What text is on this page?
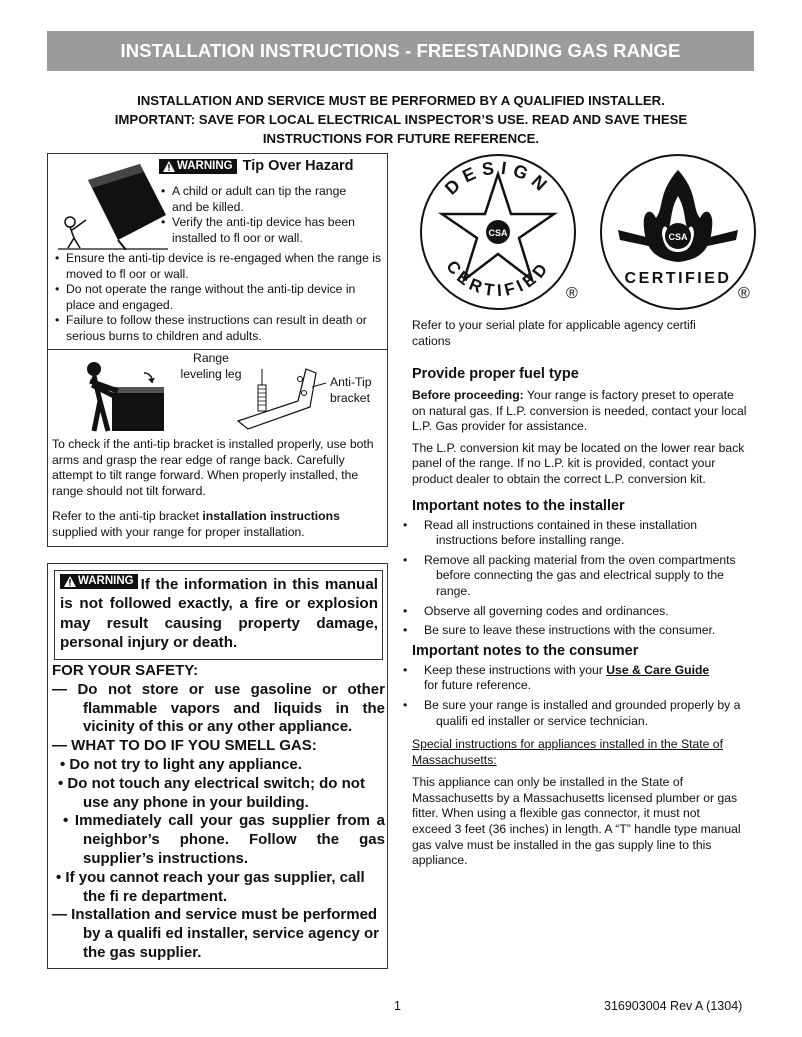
INSTALLATION INSTRUCTIONS - FREESTANDING GAS RANGE
INSTALLATION AND SERVICE MUST BE PERFORMED BY A QUALIFIED INSTALLER.
IMPORTANT: SAVE FOR LOCAL ELECTRICAL INSPECTOR’S USE. READ AND SAVE THESE
INSTRUCTIONS FOR FUTURE REFERENCE.
WARNING Tip Over Hazard
• A child or adult can tip the range
and be killed.
• Verify the anti-tip device has been
installed to fl oor or wall.
• Ensure the anti-tip device is re-engaged when the range is moved to fl oor or wall.
• Do not operate the range without the anti-tip device in place and engaged.
• Failure to follow these instructions can result in death or serious burns to children and adults.
Range
leveling leg
Anti-Tip
bracket
To check if the anti-tip bracket is installed properly, use both arms and grasp the rear edge of range back. Carefully attempt to tilt range forward. When properly installed, the range should not tilt forward.
Refer to the anti-tip bracket installation instructions
supplied with your range for proper installation.
WARNING If the information in this manual is not followed exactly, a fire or explosion may result causing property damage, personal injury or death.
FOR YOUR SAFETY:
— Do not store or use gasoline or other flammable vapors and liquids in the vicinity of this or any other appliance.
— WHAT TO DO IF YOU SMELL GAS:
• Do not try to light any appliance.
• Do not touch any electrical switch; do not use any phone in your building.
• Immediately call your gas supplier from a neighbor’s phone. Follow the gas supplier’s instructions.
• If you cannot reach your gas supplier, call the fi re department.
— Installation and service must be performed by a qualifi ed installer, service agency or the gas supplier.
DESIGN
CERTIFIED
CSA
®
CSA
CERTIFIED
®
Refer to your serial plate for applicable agency certifi cations
Provide proper fuel type
Before proceeding: Your range is factory preset to operate on natural gas. If L.P. conversion is needed, contact your local L.P. Gas provider for assistance.
The L.P. conversion kit may be located on the lower rear back panel of the range. If no L.P. kit is provided, contact your product dealer to obtain the correct L.P. conversion kit.
Important notes to the installer
• Read all instructions contained in these installation instructions before installing range.
• Remove all packing material from the oven compartments before connecting the gas and electrical supply to the range.
• Observe all governing codes and ordinances.
• Be sure to leave these instructions with the consumer.
Important notes to the consumer
• Keep these instructions with your Use & Care Guide
for future reference.
• Be sure your range is installed and grounded properly by a qualifi ed installer or service technician.
Special instructions for appliances installed in the State of Massachusetts:
This appliance can only be installed in the State of Massachusetts by a Massachusetts licensed plumber or gas fitter. When using a flexible gas connector, it must not exceed 3 feet (36 inches) in length. A “T” handle type manual gas valve must be installed in the gas supply line to this appliance.
1	316903004 Rev A (1304)
